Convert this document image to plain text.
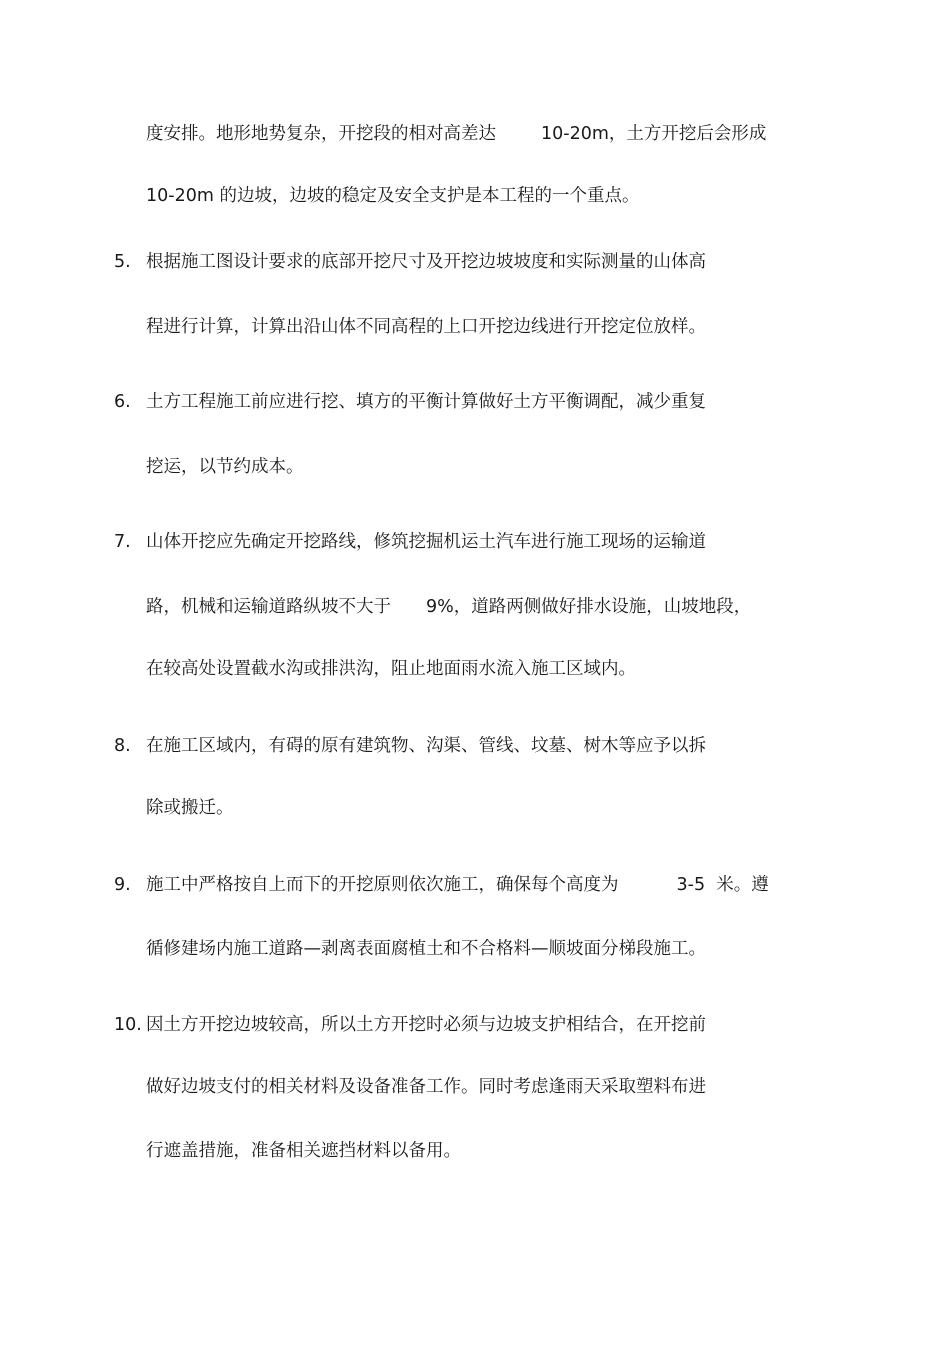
度安排。地形地势复杂，开挖段的相对高差达	10-20m，土方开挖后会形成
10-20m 的边坡，边坡的稳定及安全支护是本工程的一个重点。
5. 根据施工图设计要求的底部开挖尺寸及开挖边坡坡度和实际测量的山体高
程进行计算，计算出沿山体不同高程的上口开挖边线进行开挖定位放样。
6. 土方工程施工前应进行挖、填方的平衡计算做好土方平衡调配，减少重复
挖运，以节约成本。
7. 山体开挖应先确定开挖路线，修筑挖掘机运土汽车进行施工现场的运输道
路，机械和运输道路纵坡不大于 9%，道路两侧做好排水设施，山坡地段，
在较高处设置截水沟或排洪沟，阻止地面雨水流入施工区域内。
8. 在施工区域内，有碍的原有建筑物、沟渠、管线、坟墓、树木等应予以拆
除或搬迁。
9. 施工中严格按自上而下的开挖原则依次施工，确保每个高度为	3-5  米。遵
循修建场内施工道路—剥离表面腐植土和不合格料—顺坡面分梯段施工。
10. 因土方开挖边坡较高，所以土方开挖时必须与边坡支护相结合，在开挖前
做好边坡支付的相关材料及设备准备工作。同时考虑逢雨天采取塑料布进
行遮盖措施，准备相关遮挡材料以备用。
